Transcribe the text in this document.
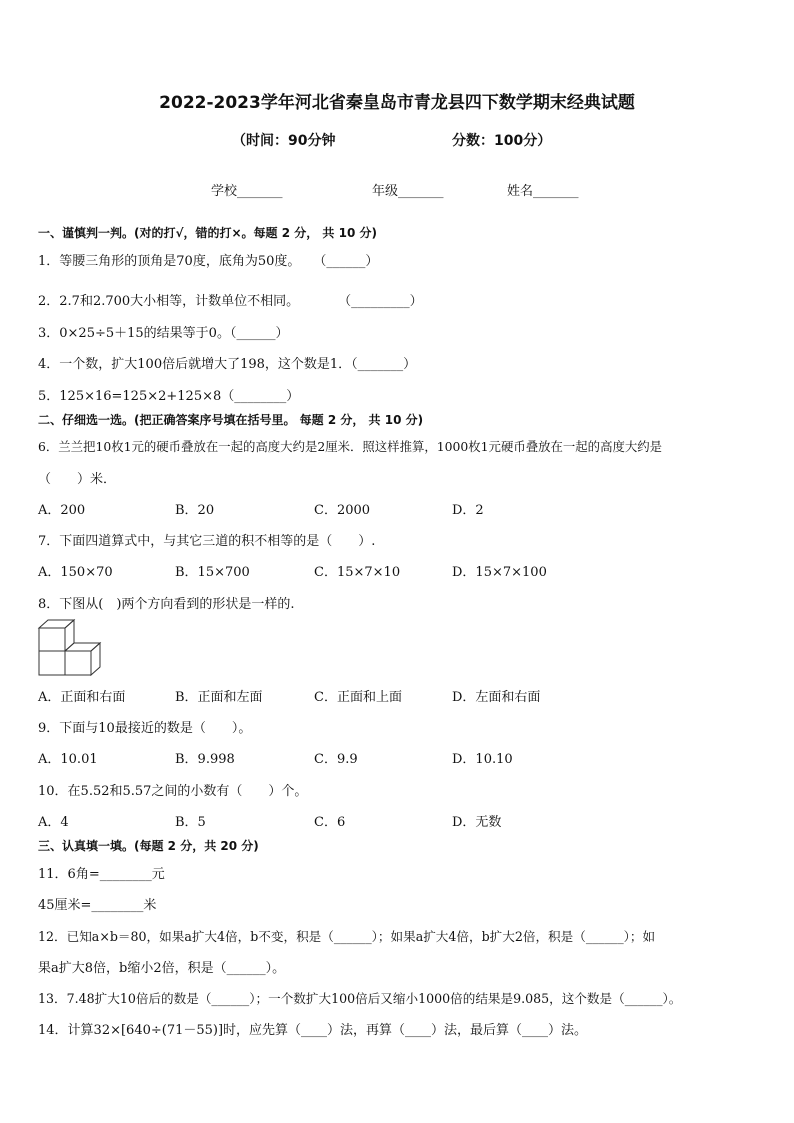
2022-2023学年河北省秦皇岛市青龙县四下数学期末经典试题
（时间：90分钟	分数：100分）
学校_______	年级_______	姓名_______
一、谨慎判一判。(对的打√，错的打×。每题 2 分， 共 10 分)
1．等腰三角形的顶角是70度，底角为50度。　　（______）
2．2.7和2.700大小相等，计数单位不相同。　　　　（_________）
3．0×25÷5＋15的结果等于0。（______）
4．一个数，扩大100倍后就增大了198，这个数是1．（_______）
5．125×16=125×2+125×8（________）
二、仔细选一选。(把正确答案序号填在括号里。 每题 2 分， 共 10 分)
6．兰兰把10枚1元的硬币叠放在一起的高度大约是2厘米．照这样推算，1000枚1元硬币叠放在一起的高度大约是
（　　）米．
A．200	B．20	C．2000	D．2
7．下面四道算式中，与其它三道的积不相等的是（　　）.
A．150×70	B．15×700	C．15×7×10	D．15×7×100
8．下图从(　)两个方向看到的形状是一样的.
A．正面和右面	B．正面和左面	C．正面和上面	D．左面和右面
9．下面与10最接近的数是（　　）。
A．10.01	B．9.998	C．9.9	D．10.10
10．在5.52和5.57之间的小数有（　　）个。
A．4	B．5	C．6	D．无数
三、认真填一填。(每题 2 分，共 20 分)
11．6角=________元
45厘米=________米
12．已知a×b＝80，如果a扩大4倍，b不变，积是（______）；如果a扩大4倍，b扩大2倍，积是（______）；如
果a扩大8倍，b缩小2倍，积是（______）。
13．7.48扩大10倍后的数是（______）；一个数扩大100倍后又缩小1000倍的结果是9.085，这个数是（______）。
14．计算32×[640÷(71－55)]时，应先算（____）法，再算（____）法，最后算（____）法。
